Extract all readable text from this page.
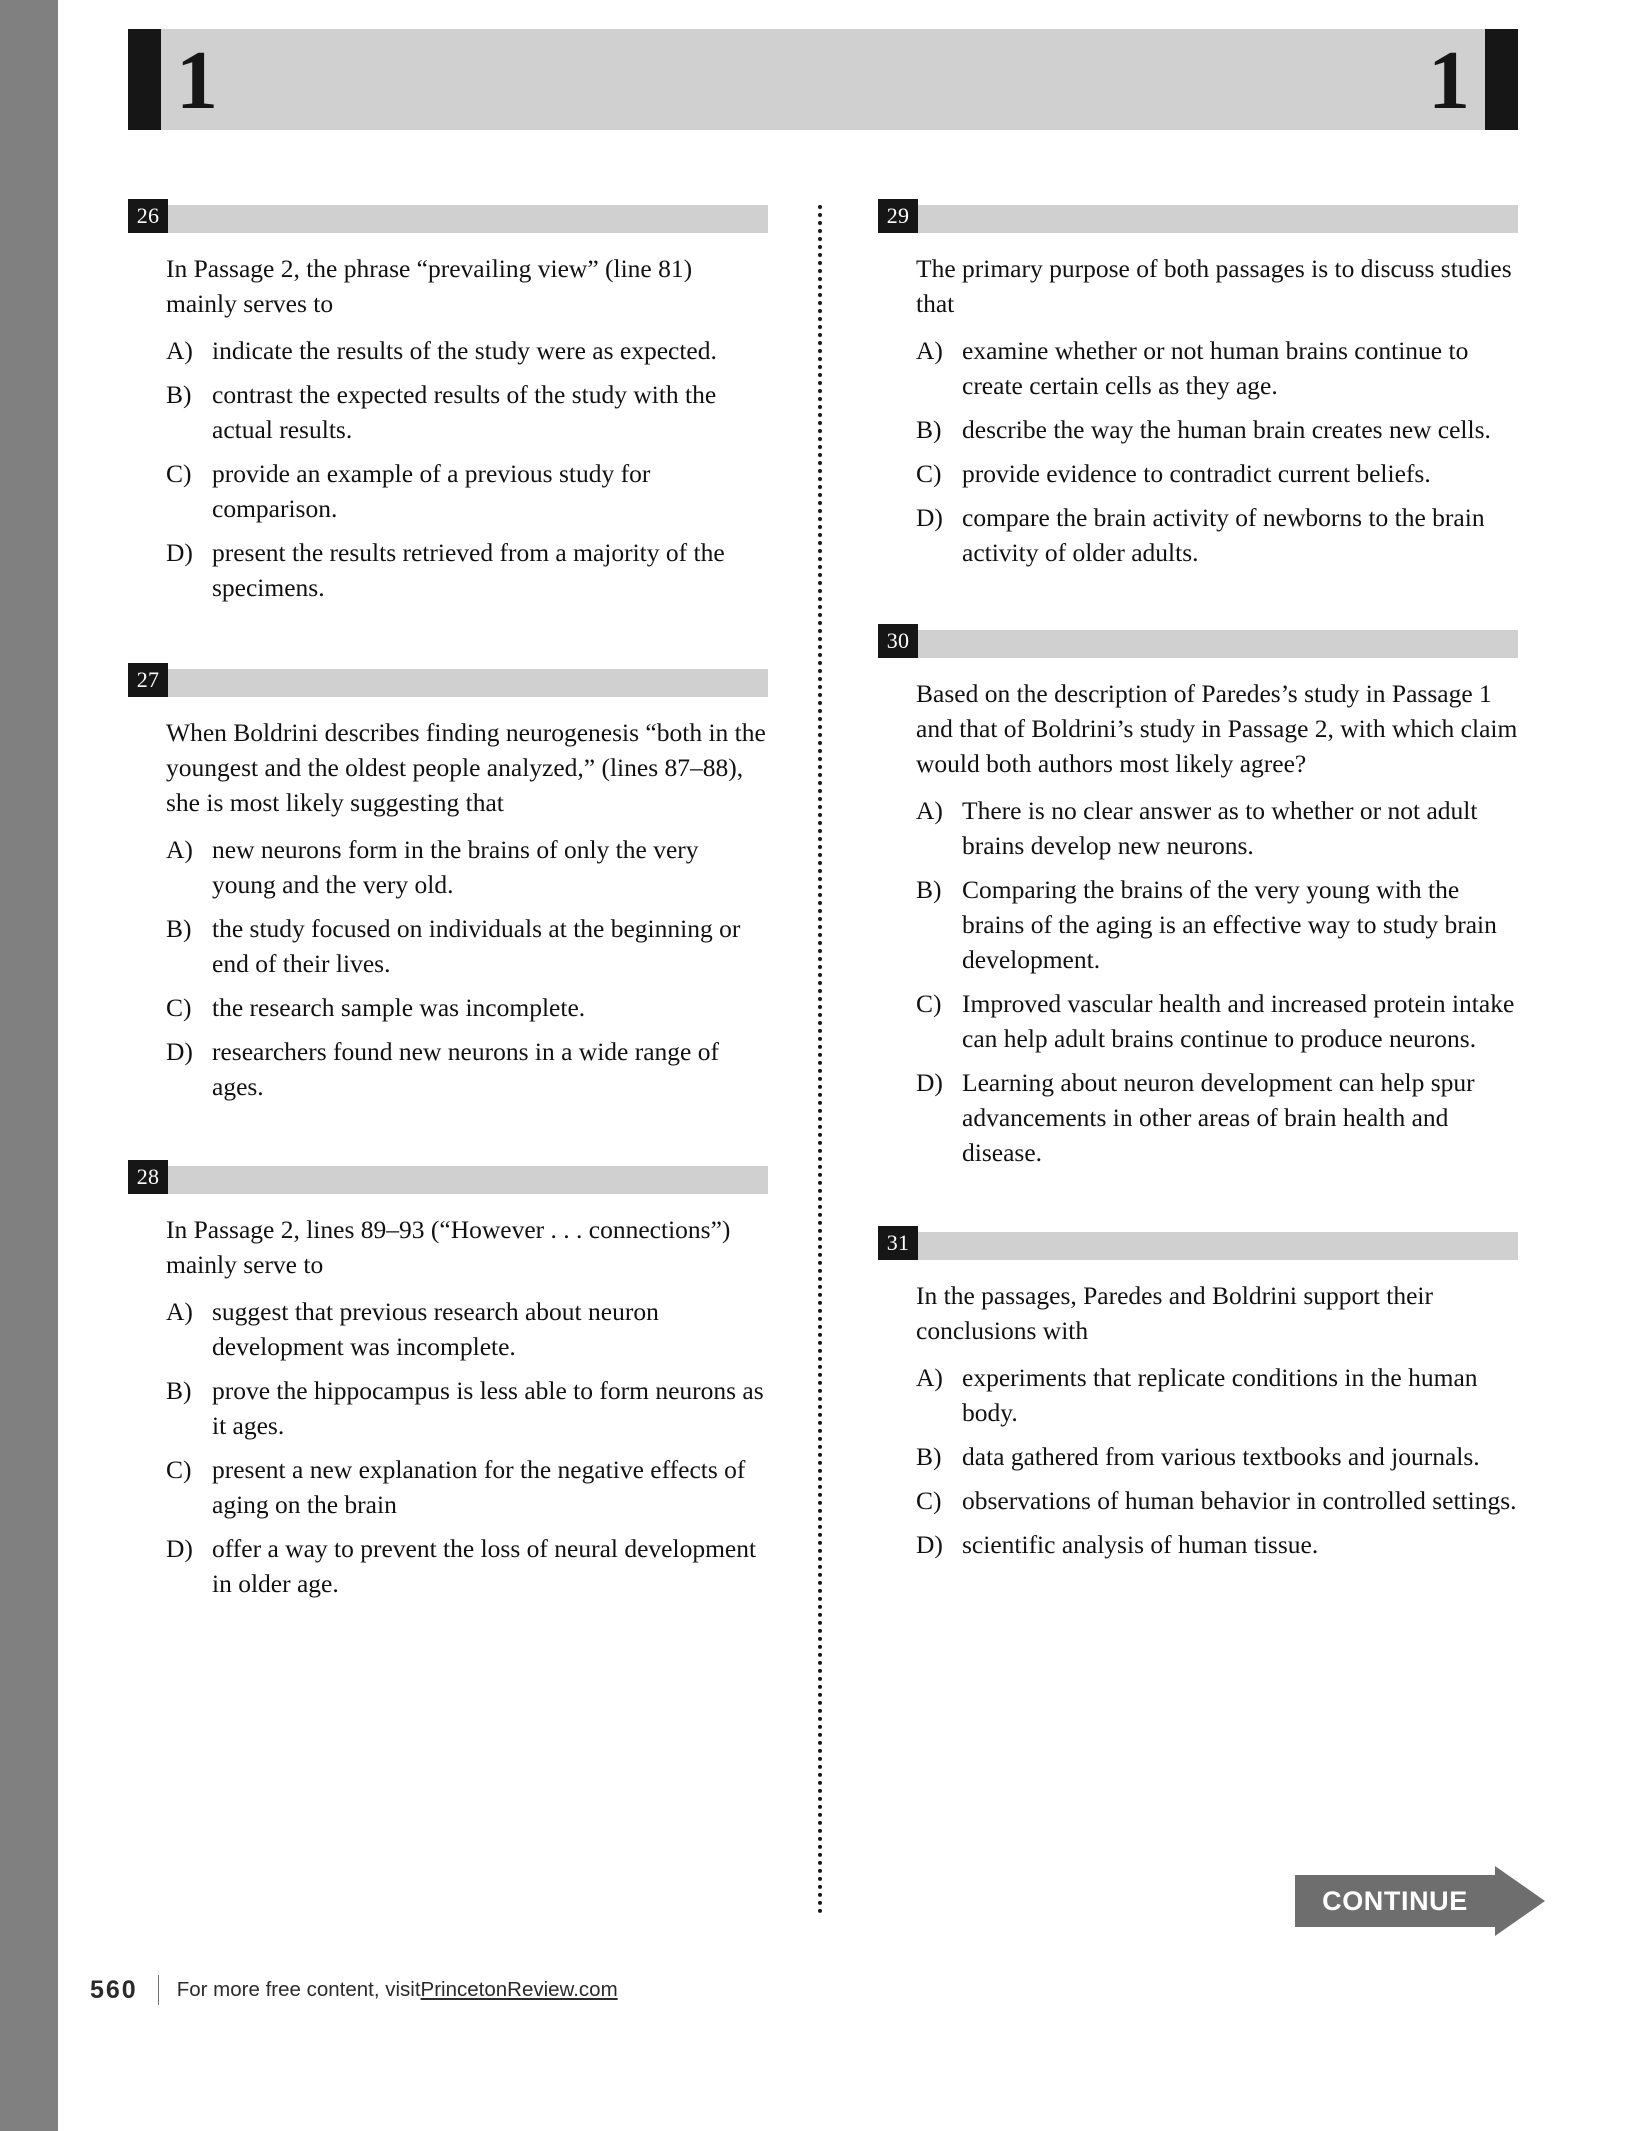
1	1
26
In Passage 2, the phrase “prevailing view” (line 81) mainly serves to
A) indicate the results of the study were as expected.
B) contrast the expected results of the study with the actual results.
C) provide an example of a previous study for comparison.
D) present the results retrieved from a majority of the specimens.
27
When Boldrini describes finding neurogenesis “both in the youngest and the oldest people analyzed,” (lines 87–88), she is most likely suggesting that
A) new neurons form in the brains of only the very young and the very old.
B) the study focused on individuals at the beginning or end of their lives.
C) the research sample was incomplete.
D) researchers found new neurons in a wide range of ages.
28
In Passage 2, lines 89–93 (“However . . . connections”) mainly serve to
A) suggest that previous research about neuron development was incomplete.
B) prove the hippocampus is less able to form neurons as it ages.
C) present a new explanation for the negative effects of aging on the brain
D) offer a way to prevent the loss of neural development in older age.
29
The primary purpose of both passages is to discuss studies that
A) examine whether or not human brains continue to create certain cells as they age.
B) describe the way the human brain creates new cells.
C) provide evidence to contradict current beliefs.
D) compare the brain activity of newborns to the brain activity of older adults.
30
Based on the description of Paredes’s study in Passage 1 and that of Boldrini’s study in Passage 2, with which claim would both authors most likely agree?
A) There is no clear answer as to whether or not adult brains develop new neurons.
B) Comparing the brains of the very young with the brains of the aging is an effective way to study brain development.
C) Improved vascular health and increased protein intake can help adult brains continue to produce neurons.
D) Learning about neuron development can help spur advancements in other areas of brain health and disease.
31
In the passages, Paredes and Boldrini support their conclusions with
A) experiments that replicate conditions in the human body.
B) data gathered from various textbooks and journals.
C) observations of human behavior in controlled settings.
D) scientific analysis of human tissue.
CONTINUE
560 For more free content, visit PrincetonReview.com
